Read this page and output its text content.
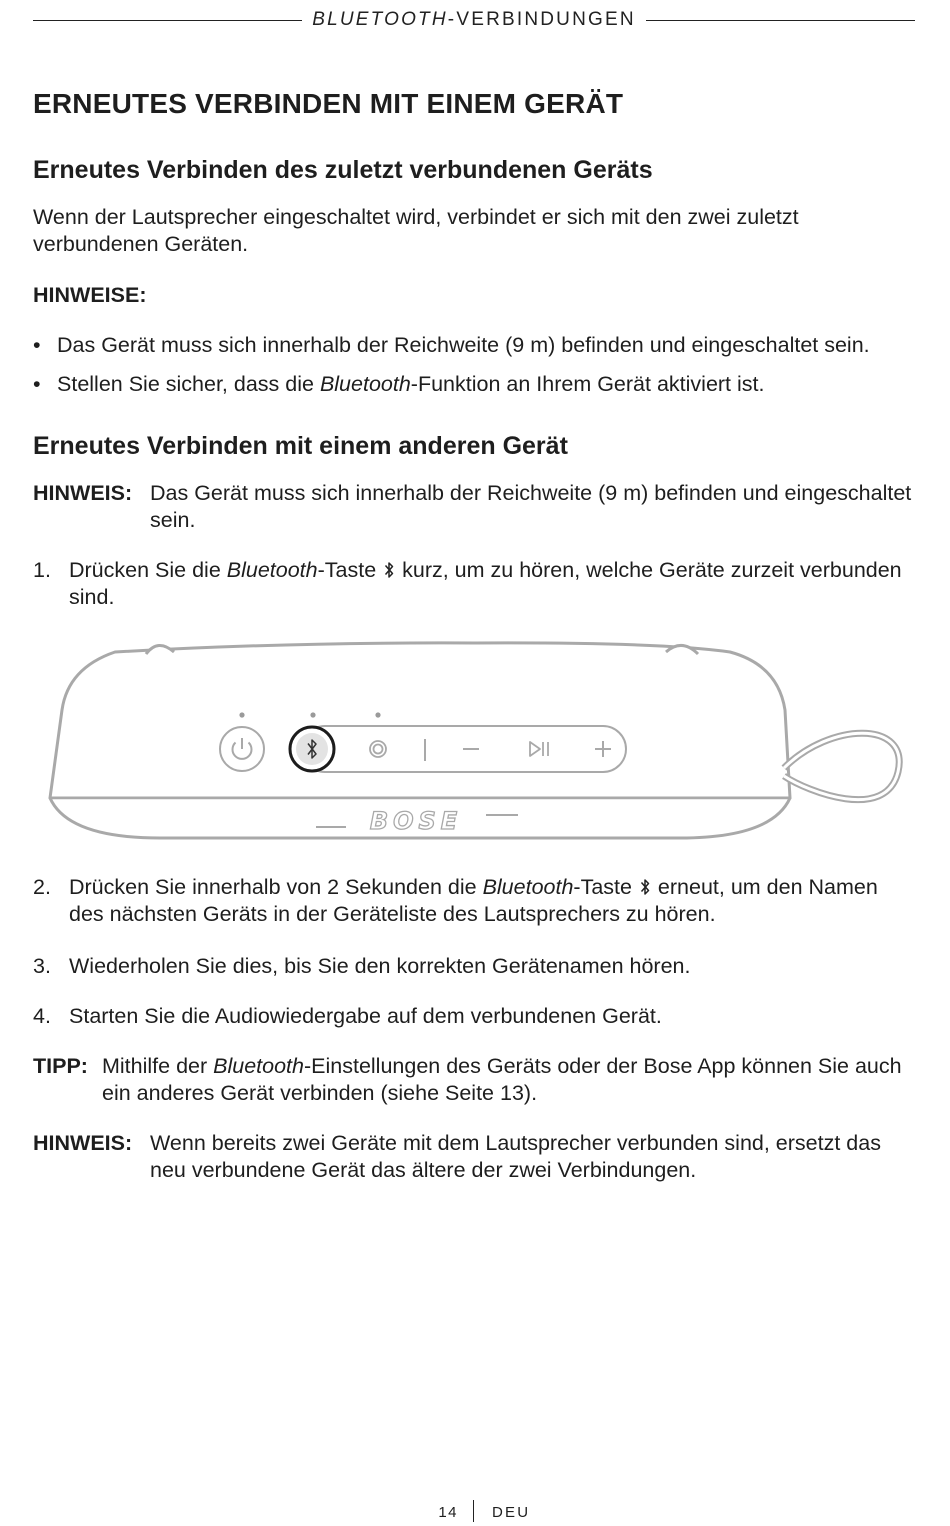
BLUETOOTH-VERBINDUNGEN
ERNEUTES VERBINDEN MIT EINEM GERÄT
Erneutes Verbinden des zuletzt verbundenen Geräts

Wenn der Lautsprecher eingeschaltet wird, verbindet er sich mit den zwei zuletzt verbundenen Geräten.

HINWEISE:

• Das Gerät muss sich innerhalb der Reichweite (9 m) befinden und eingeschaltet sein.
• Stellen Sie sicher, dass die Bluetooth-Funktion an Ihrem Gerät aktiviert ist.
Erneutes Verbinden mit einem anderen Gerät
HINWEIS: Das Gerät muss sich innerhalb der Reichweite (9 m) befinden und eingeschaltet sein.
1. Drücken Sie die Bluetooth-Taste  kurz, um zu hören, welche Geräte zurzeit verbunden sind.
BOSE
2. Drücken Sie innerhalb von 2 Sekunden die Bluetooth-Taste  erneut, um den Namen des nächsten Geräts in der Geräteliste des Lautsprechers zu hören.
3. Wiederholen Sie dies, bis Sie den korrekten Gerätenamen hören.
4. Starten Sie die Audiowiedergabe auf dem verbundenen Gerät.
TIPP: Mithilfe der Bluetooth-Einstellungen des Geräts oder der Bose App können Sie auch ein anderes Gerät verbinden (siehe Seite 13).
HINWEIS: Wenn bereits zwei Geräte mit dem Lautsprecher verbunden sind, ersetzt das neu verbundene Gerät das ältere der zwei Verbindungen.
14 DEU
